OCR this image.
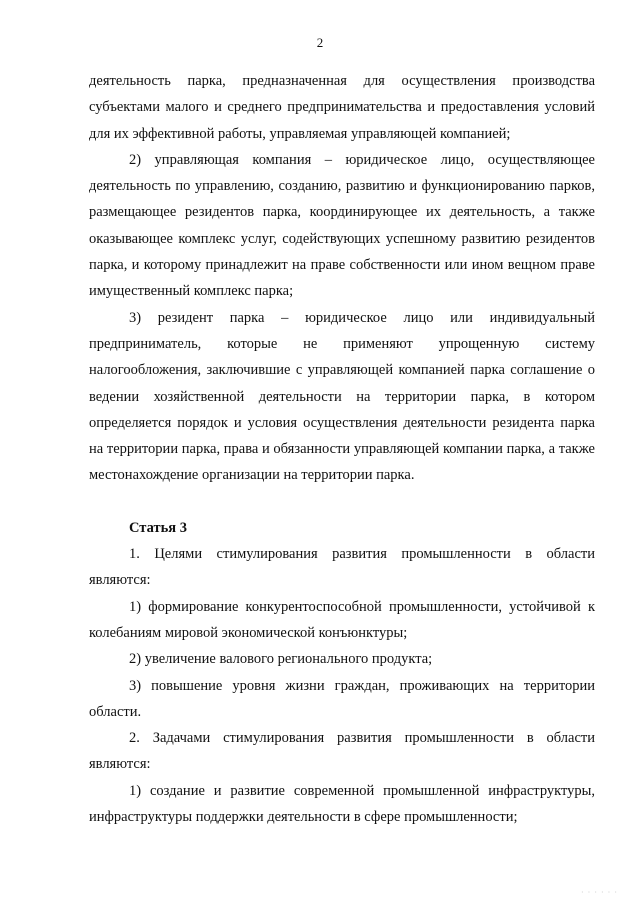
2

деятельность парка, предназначенная для осуществления производства субъектами малого и среднего предпринимательства и предоставления условий для их эффективной работы, управляемая управляющей компанией;

2) управляющая компания – юридическое лицо, осуществляющее деятельность по управлению, созданию, развитию и функционированию парков, размещающее резидентов парка, координирующее их деятельность, а также оказывающее комплекс услуг, содействующих успешному развитию резидентов парка, и которому принадлежит на праве собственности или ином вещном праве имущественный комплекс парка;

3) резидент парка – юридическое лицо или индивидуальный предприниматель, которые не применяют упрощенную систему налогообложения, заключившие с управляющей компанией парка соглашение о ведении хозяйственной деятельности на территории парка, в котором определяется порядок и условия осуществления деятельности резидента парка на территории парка, права и обязанности управляющей компании парка, а также местонахождение организации на территории парка.

Статья 3

1. Целями стимулирования развития промышленности в области являются:

1) формирование конкурентоспособной промышленности, устойчивой к колебаниям мировой экономической конъюнктуры;

2) увеличение валового регионального продукта;

3) повышение уровня жизни граждан, проживающих на территории области.

2. Задачами стимулирования развития промышленности в области являются:

1) создание и развитие современной промышленной инфраструктуры, инфраструктуры поддержки деятельности в сфере промышленности;

· · · · · ·
